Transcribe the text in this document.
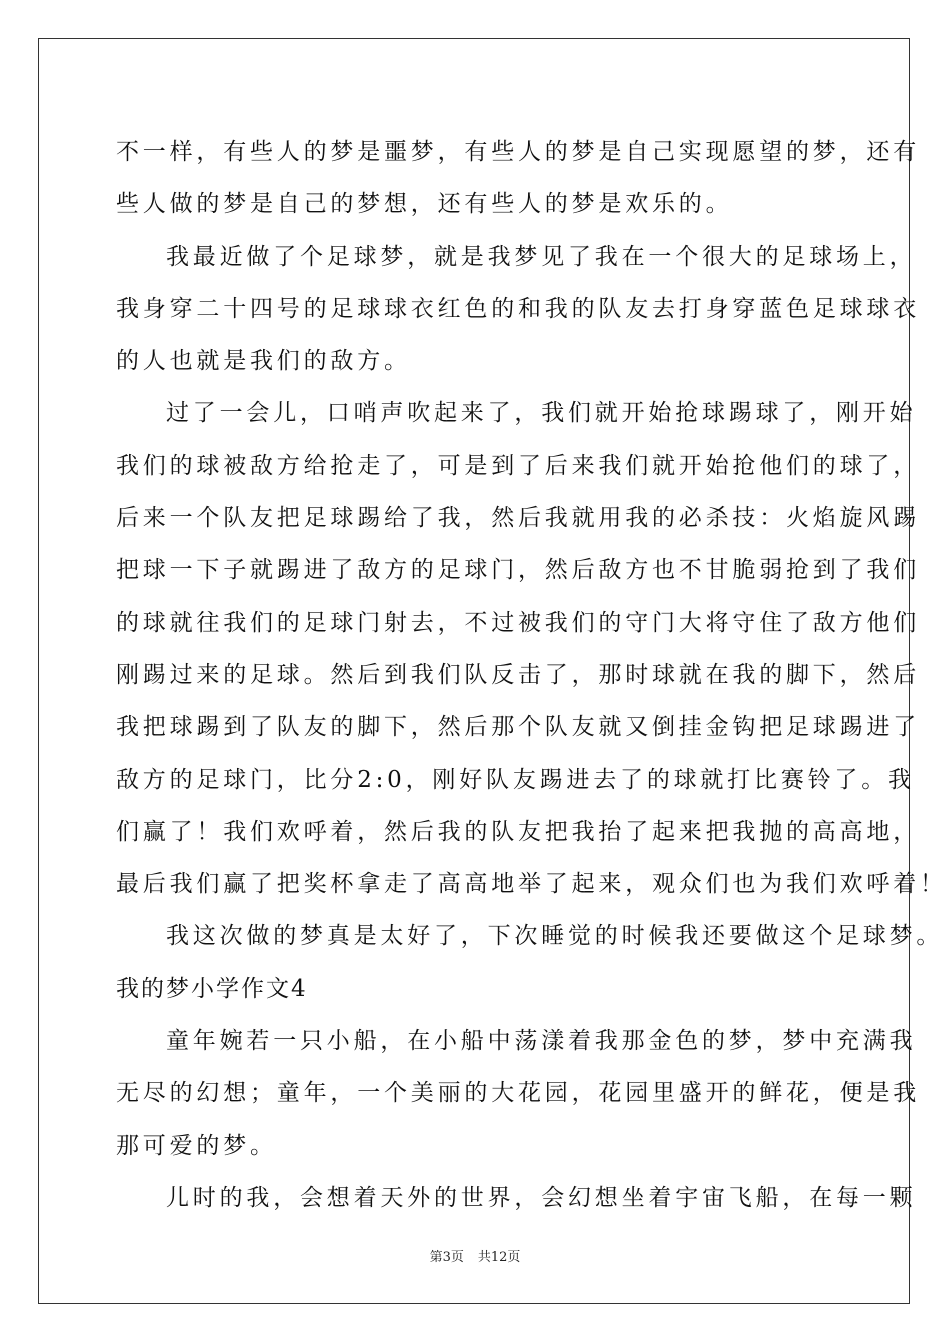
不一样，有些人的梦是噩梦，有些人的梦是自己实现愿望的梦，还有
些人做的梦是自己的梦想，还有些人的梦是欢乐的。
我最近做了个足球梦，就是我梦见了我在一个很大的足球场上，
我身穿二十四号的足球球衣红色的和我的队友去打身穿蓝色足球球衣
的人也就是我们的敌方。
过了一会儿，口哨声吹起来了，我们就开始抢球踢球了，刚开始
我们的球被敌方给抢走了，可是到了后来我们就开始抢他们的球了，
后来一个队友把足球踢给了我，然后我就用我的必杀技：火焰旋风踢
把球一下子就踢进了敌方的足球门，然后敌方也不甘脆弱抢到了我们
的球就往我们的足球门射去，不过被我们的守门大将守住了敌方他们
刚踢过来的足球。然后到我们队反击了，那时球就在我的脚下，然后
我把球踢到了队友的脚下，然后那个队友就又倒挂金钩把足球踢进了
敌方的足球门，比分2:0，刚好队友踢进去了的球就打比赛铃了。我
们赢了！我们欢呼着，然后我的队友把我抬了起来把我抛的高高地，
最后我们赢了把奖杯拿走了高高地举了起来，观众们也为我们欢呼着！
我这次做的梦真是太好了，下次睡觉的时候我还要做这个足球梦。
我的梦小学作文4
童年婉若一只小船，在小船中荡漾着我那金色的梦，梦中充满我
无尽的幻想；童年，一个美丽的大花园，花园里盛开的鲜花，便是我
那可爱的梦。
儿时的我，会想着天外的世界，会幻想坐着宇宙飞船，在每一颗
第3页 共12页
